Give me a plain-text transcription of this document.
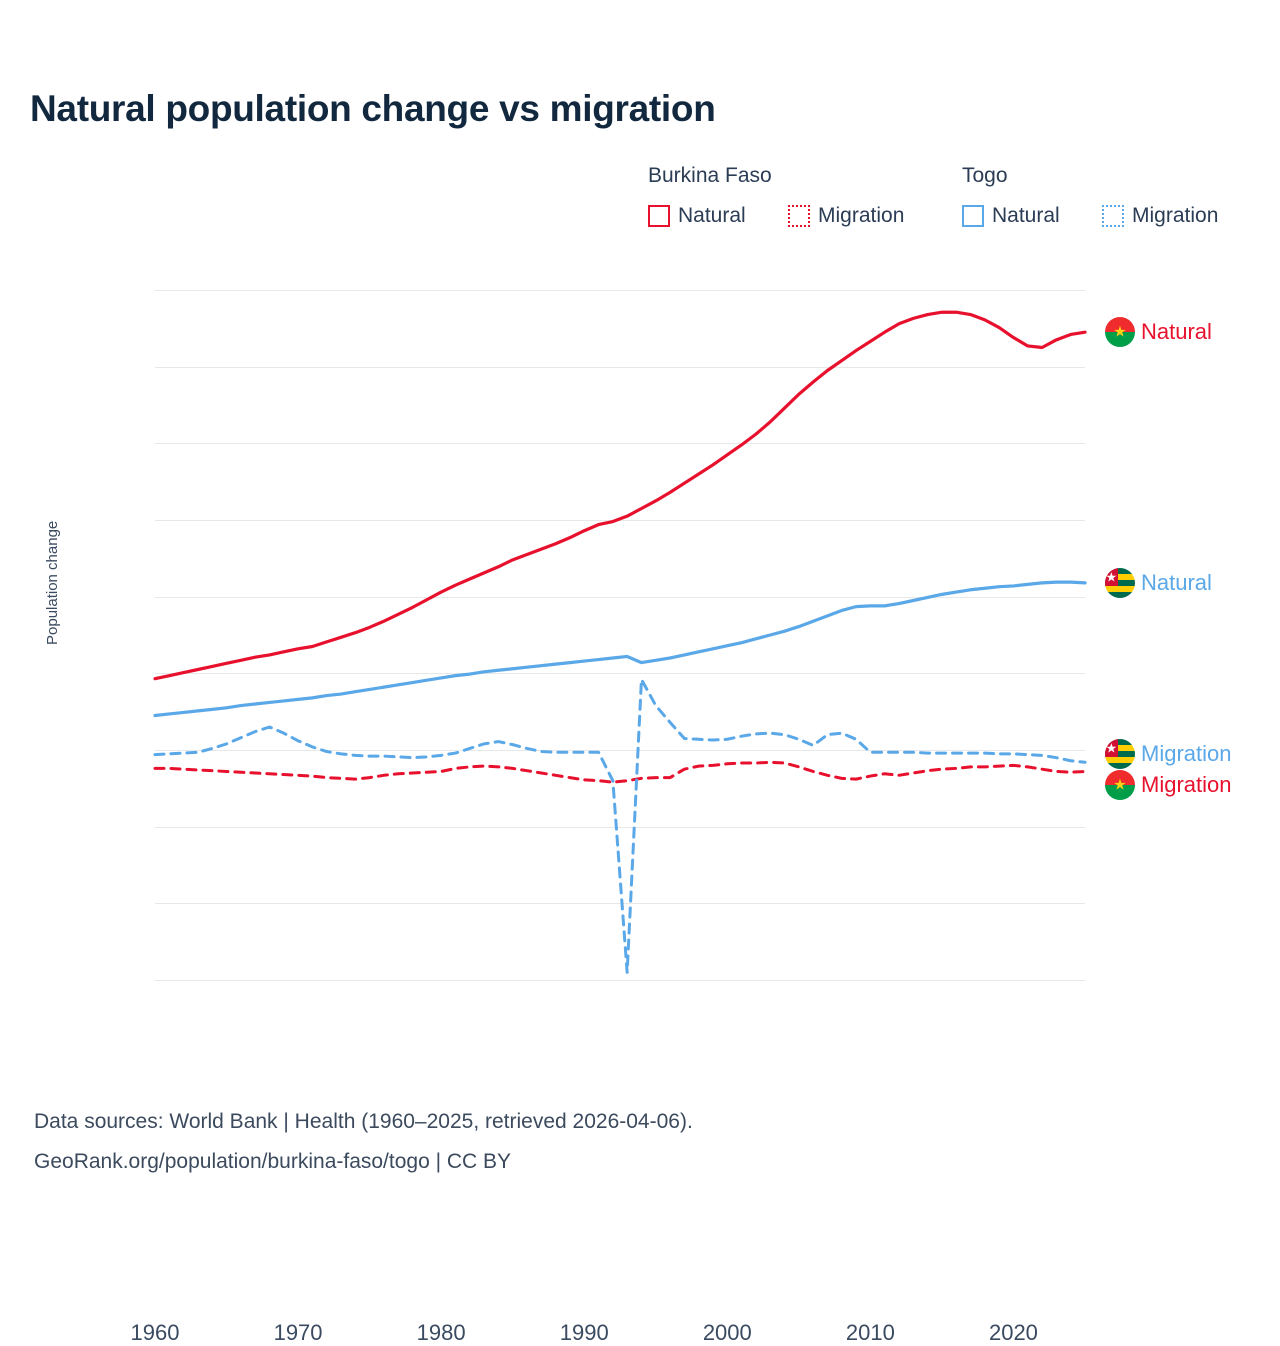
Natural population change vs migration
Burkina Faso	Togo
Natural	Migration	Natural	Migration
Population change
1960	1970	1980	1990	2000	2010	2020
★ Natural
★ Natural
★ Migration
★ Migration
Data sources: World Bank | Health (1960–2025, retrieved 2026-04-06).
GeoRank.org/population/burkina-faso/togo | CC BY
